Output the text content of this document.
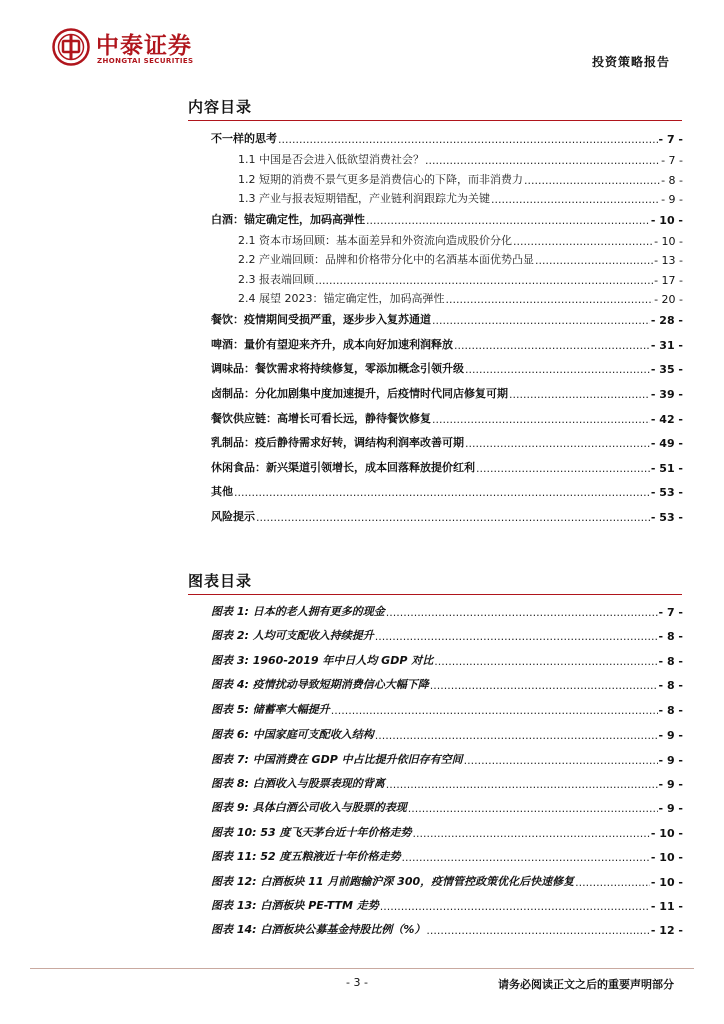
中泰证券
ZHONGTAI SECURITIES	投资策略报告
内容目录
不一样的思考 .....	- 7 -
1.1 中国是否会进入低欲望消费社会？ .....	- 7 -
1.2 短期的消费不景气更多是消费信心的下降，而非消费力 .....	- 8 -
1.3 产业与报表短期错配，产业链利润跟踪尤为关键 .....	- 9 -
白酒：锚定确定性，加码高弹性 .....	- 10 -
2.1 资本市场回顾：基本面差异和外资流向造成股价分化 .....	- 10 -
2.2 产业端回顾：品牌和价格带分化中的名酒基本面优势凸显 .....	- 13 -
2.3 报表端回顾 .....	- 17 -
2.4 展望 2023：锚定确定性，加码高弹性 .....	- 20 -
餐饮：疫情期间受损严重，逐步步入复苏通道 .....	- 28 -
啤酒：量价有望迎来齐升，成本向好加速利润释放 .....	- 31 -
调味品：餐饮需求将持续修复，零添加概念引领升级 .....	- 35 -
卤制品：分化加剧集中度加速提升，后疫情时代同店修复可期 .....	- 39 -
餐饮供应链：高增长可看长远，静待餐饮修复 .....	- 42 -
乳制品：疫后静待需求好转，调结构利润率改善可期 .....	- 49 -
休闲食品：新兴渠道引领增长，成本回落释放提价红利 .....	- 51 -
其他 .....	- 53 -
风险提示 .....	- 53 -
图表目录
图表 1: 日本的老人拥有更多的现金 .....	- 7 -
图表 2: 人均可支配收入持续提升 .....	- 8 -
图表 3: 1960-2019 年中日人均 GDP 对比 .....	- 8 -
图表 4: 疫情扰动导致短期消费信心大幅下降 .....	- 8 -
图表 5: 储蓄率大幅提升 .....	- 8 -
图表 6: 中国家庭可支配收入结构 .....	- 9 -
图表 7: 中国消费在 GDP 中占比提升依旧存有空间 .....	- 9 -
图表 8: 白酒收入与股票表现的背离 .....	- 9 -
图表 9: 具体白酒公司收入与股票的表现 .....	- 9 -
图表 10: 53 度飞天茅台近十年价格走势 .....	- 10 -
图表 11: 52 度五粮液近十年价格走势 .....	- 10 -
图表 12: 白酒板块 11 月前跑输沪深 300，疫情管控政策优化后快速修复 .....	- 10 -
图表 13: 白酒板块 PE-TTM 走势 .....	- 11 -
图表 14: 白酒板块公募基金持股比例（%） .....	- 12 -
- 3 -	请务必阅读正文之后的重要声明部分
